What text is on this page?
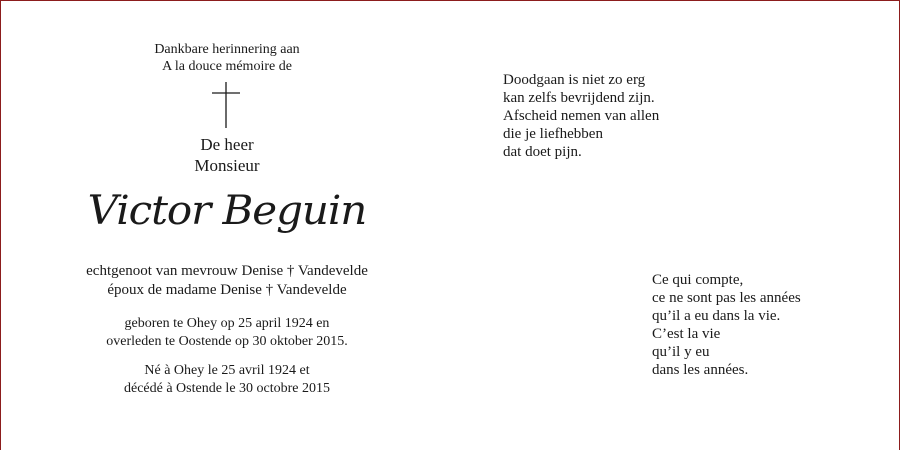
Dankbare herinnering aan
A la douce mémoire de
De heer
Monsieur
Victor Beguin
echtgenoot van mevrouw Denise † Vandevelde
époux de madame Denise † Vandevelde
geboren te Ohey op 25 april 1924 en
overleden te Oostende op 30 oktober 2015.
Né à Ohey le 25 avril 1924 et
décédé à Ostende le 30 octobre 2015
Doodgaan is niet zo erg
kan zelfs bevrijdend zijn.
Afscheid nemen van allen
die je liefhebben
dat doet pijn.
Ce qui compte,
ce ne sont pas les années
qu’il a eu dans la vie.
C’est la vie
qu’il y eu
dans les années.
